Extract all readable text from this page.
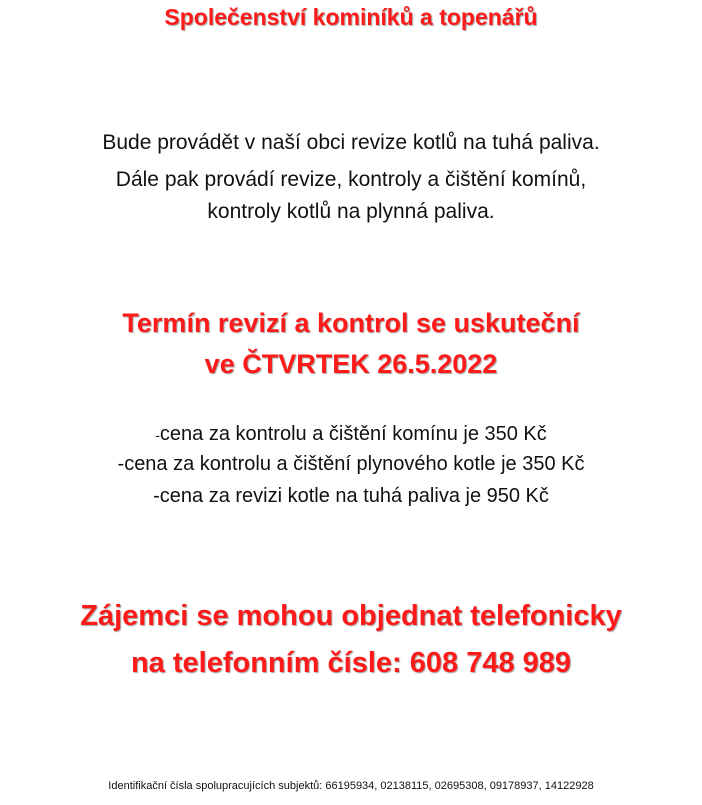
Společenství kominíků a topenářů
Bude provádět v naší obci revize kotlů na tuhá paliva.
Dále pak provádí revize, kontroly a čištění komínů,
kontroly kotlů na plynná paliva.
Termín revizí a kontrol se uskuteční
ve ČTVRTEK 26.5.2022
-cena za kontrolu a čištění komínu je 350 Kč
-cena za kontrolu a čištění plynového kotle je 350 Kč
-cena za revizi kotle na tuhá paliva je 950 Kč
Zájemci se mohou objednat telefonicky
na telefonním čísle: 608 748 989
Identifikační čísla spolupracujících subjektů: 66195934, 02138115, 02695308, 09178937, 14122928
